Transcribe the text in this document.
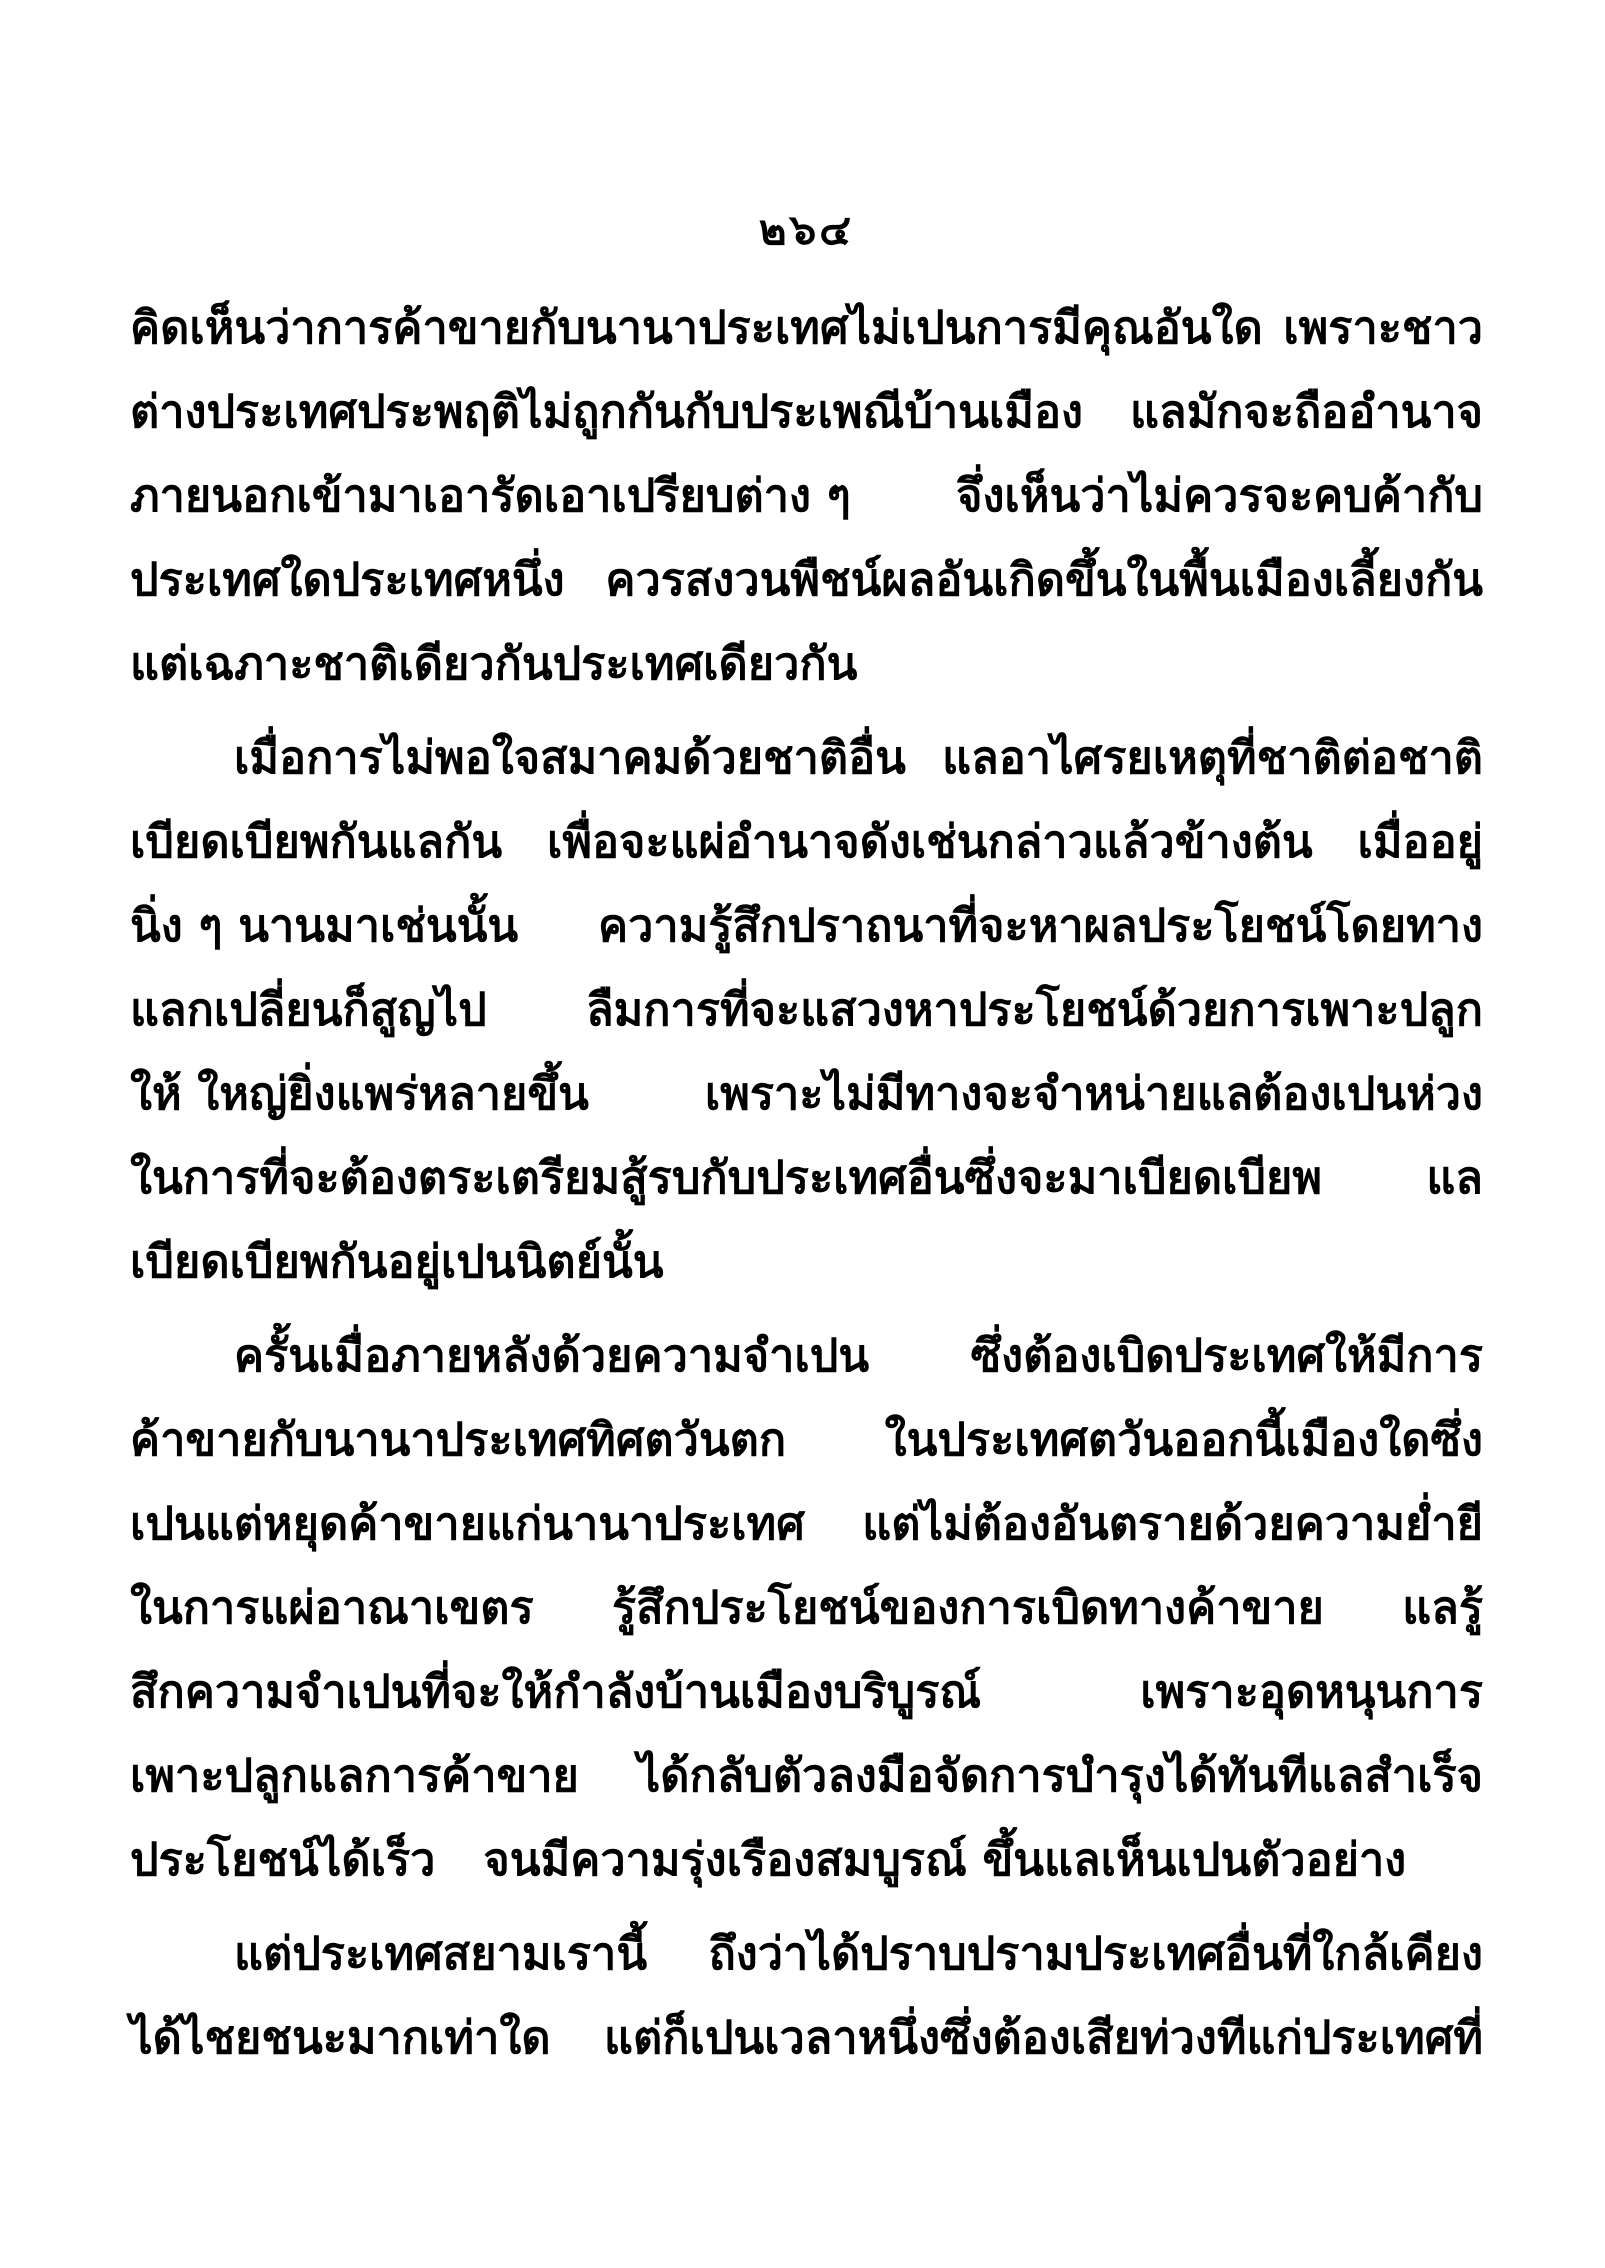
๒๖๔
คิดเห็นว่าการค้าขายกับนานาประเทศไม่เปนการมีคุณอันใด เพราะชาว
ต่างประเทศประพฤติไม่ถูกกันกับประเพณีบ้านเมือง แลมักจะถืออำนาจ
ภายนอกเข้ามาเอารัดเอาเปรียบต่าง ๆ จึ่งเห็นว่าไม่ควรจะคบค้ากับ
ประเทศใดประเทศหนึ่ง ควรสงวนพืชน์ผลอันเกิดขึ้นในพื้นเมืองเลี้ยงกัน
แต่เฉภาะชาติเดียวกันประเทศเดียวกัน
เมื่อการไม่พอใจสมาคมด้วยชาติอื่น แลอาไศรยเหตุที่ชาติต่อชาติ
เบียดเบียพกันแลกัน เพื่อจะแผ่อำนาจดังเช่นกล่าวแล้วข้างต้น เมื่ออยู่
นิ่ง ๆ นานมาเช่นนั้น ความรู้สึกปราถนาที่จะหาผลประโยชน์โดยทาง
แลกเปลี่ยนก็สูญไป ลืมการที่จะแสวงหาประโยชน์ด้วยการเพาะปลูก
ให้ ใหญ่ยิ่งแพร่หลายขึ้น	เพราะไม่มีทางจะจำหน่ายแลต้องเปนห่วง
ในการที่จะต้องตระเตรียมสู้รบกับประเทศอื่นซึ่งจะมาเบียดเบียพ แล
เบียดเบียพกันอยู่เปนนิตย์นั้น
ครั้นเมื่อภายหลังด้วยความจำเปน ซึ่งต้องเบิดประเทศให้มีการ
ค้าขายกับนานาประเทศทิศตวันตก ในประเทศตวันออกนี้เมืองใดซึ่ง
เปนแต่หยุดค้าขายแก่นานาประเทศ แต่ไม่ต้องอันตรายด้วยความย่ำยี
ในการแผ่อาณาเขตร รู้สึกประโยชน์ของการเบิดทางค้าขาย แลรู้
สึกความจำเปนที่จะให้กำลังบ้านเมืองบริบูรณ์	เพราะอุดหนุนการ
เพาะปลูกแลการค้าขาย ได้กลับตัวลงมือจัดการบำรุงได้ทันทีแลสำเร็จ
ประโยชน์ได้เร็ว จนมีความรุ่งเรืองสมบูรณ์ ขึ้นแลเห็นเปนตัวอย่าง
แต่ประเทศสยามเรานี้ ถึงว่าได้ปราบปรามประเทศอื่นที่ใกล้เคียง
ได้ไชยชนะมากเท่าใด แต่ก็เปนเวลาหนึ่งซึ่งต้องเสียท่วงทีแก่ประเทศที่
